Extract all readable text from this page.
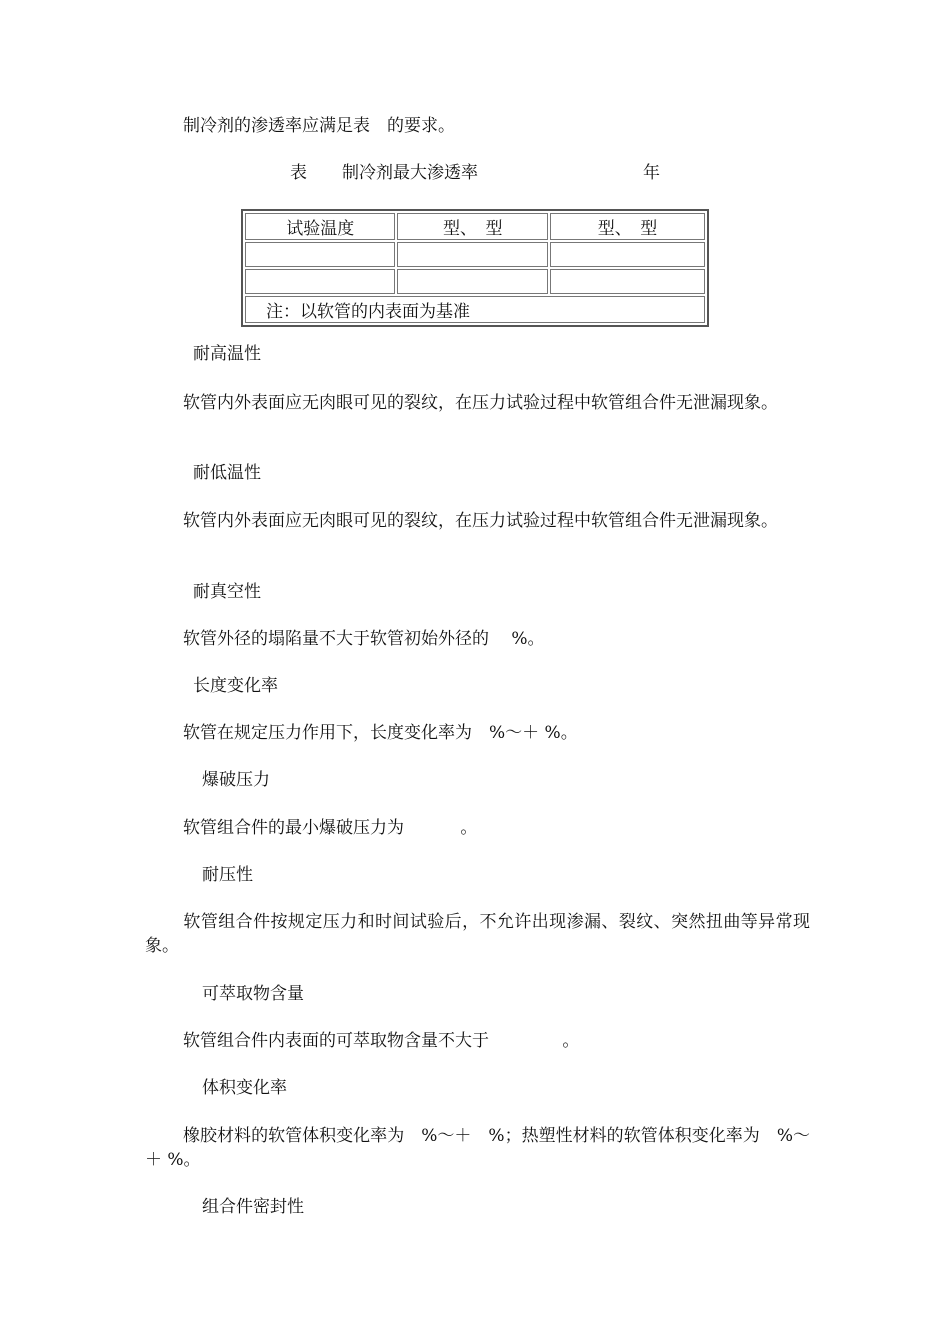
制冷剂的渗透率应满足表　的要求。
表 制冷剂最大渗透率	年
试验温度	型、　型	型、　型

注：以软管的内表面为基准		
耐高温性
软管内外表面应无肉眼可见的裂纹，在压力试验过程中软管组合件无泄漏现象。
耐低温性
软管内外表面应无肉眼可见的裂纹，在压力试验过程中软管组合件无泄漏现象。
耐真空性
软管外径的塌陷量不大于软管初始外径的　 %。
长度变化率
软管在规定压力作用下，长度变化率为　%～＋ %。
爆破压力
软管组合件的最小爆破压力为　　　 。
耐压性
软管组合件按规定压力和时间试验后，不允许出现渗漏、裂纹、突然扭曲等异常现象。
可萃取物含量
软管组合件内表面的可萃取物含量不大于　　　　 。
体积变化率
橡胶材料的软管体积变化率为　%～＋　%；热塑性材料的软管体积变化率为　%～＋ %。
组合件密封性
